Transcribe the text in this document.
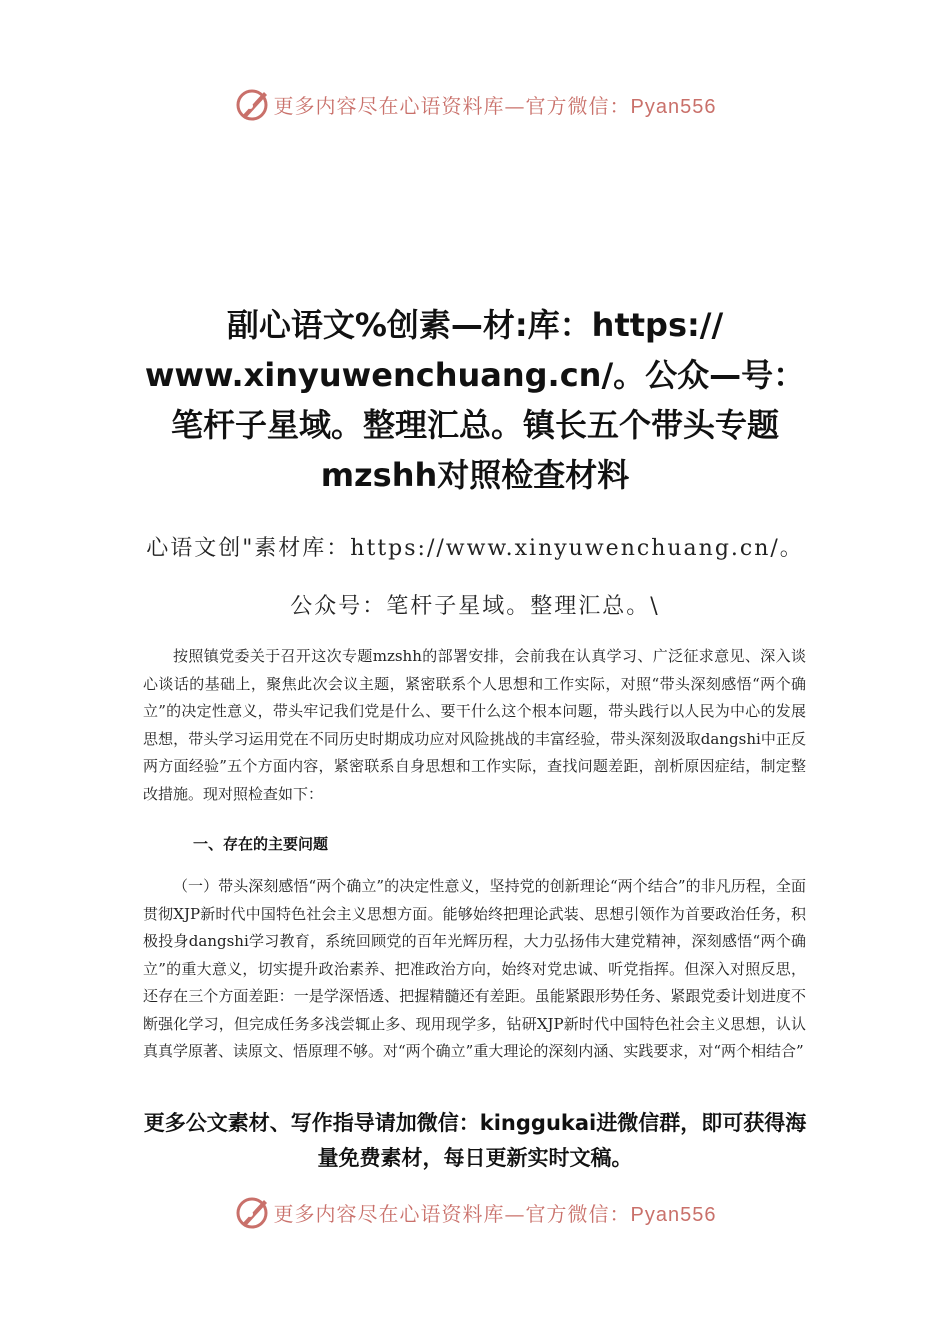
更多内容尽在心语资料库—官方微信：Pyan556
副心语文%创素—材:库：https:// www.xinyuwenchuang.cn/。公众—号：笔杆子星域。整理汇总。镇长五个带头专题mzshh对照检查材料

心语文创"素材库：https://www.xinyuwenchuang.cn/。公众号：笔杆子星域。整理汇总。\

按照镇党委关于召开这次专题mzshh的部署安排，会前我在认真学习、广泛征求意见、深入谈心谈话的基础上，聚焦此次会议主题，紧密联系个人思想和工作实际，对照“带头深刻感悟“两个确立”的决定性意义，带头牢记我们党是什么、要干什么这个根本问题，带头践行以人民为中心的发展思想，带头学习运用党在不同历史时期成功应对风险挑战的丰富经验，带头深刻汲取dangshi中正反两方面经验”五个方面内容，紧密联系自身思想和工作实际，查找问题差距，剖析原因症结，制定整改措施。现对照检查如下：

一、存在的主要问题

（一）带头深刻感悟“两个确立”的决定性意义，坚持党的创新理论“两个结合”的非凡历程，全面贯彻XJP新时代中国特色社会主义思想方面。能够始终把理论武装、思想引领作为首要政治任务，积极投身dangshi学习教育，系统回顾党的百年光辉历程，大力弘扬伟大建党精神，深刻感悟“两个确立”的重大意义，切实提升政治素养、把准政治方向，始终对党忠诚、听党指挥。但深入对照反思，还存在三个方面差距：一是学深悟透、把握精髓还有差距。虽能紧跟形势任务、紧跟党委计划进度不断强化学习，但完成任务多浅尝辄止多、现用现学多，钻研XJP新时代中国特色社会主义思想，认认真真学原著、读原文、悟原理不够。对“两个确立”重大理论的深刻内涵、实践要求，对“两个相结合”

更多公文素材、写作指导请加微信：kinggukai进微信群，即可获得海量免费素材，每日更新实时文稿。

更多内容尽在心语资料库—官方微信：Pyan556
